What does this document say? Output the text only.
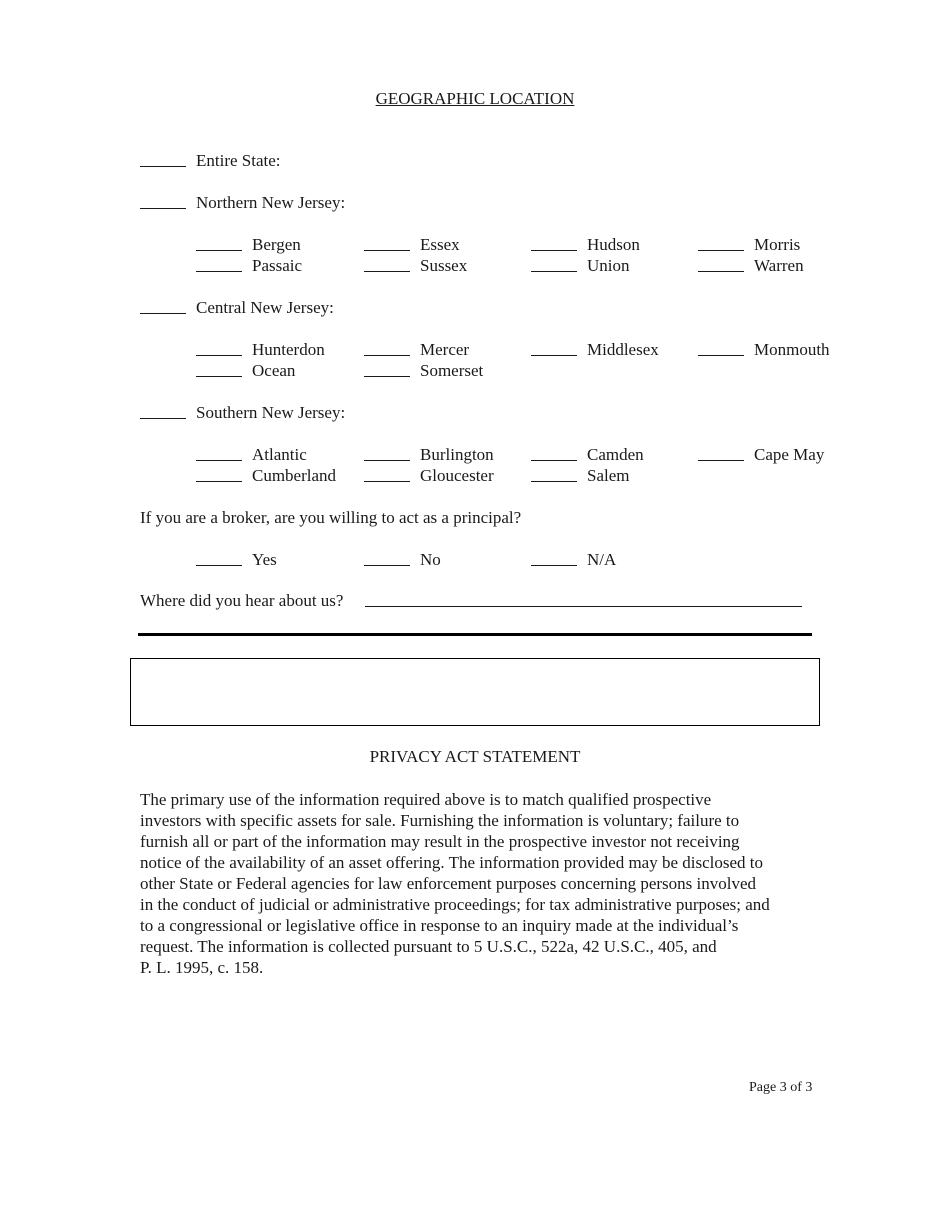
GEOGRAPHIC LOCATION
Entire State:
Northern New Jersey:
Bergen	Essex	Hudson	Morris
Passaic	Sussex	Union	Warren
Central New Jersey:
Hunterdon	Mercer	Middlesex	Monmouth
Ocean	Somerset
Southern New Jersey:
Atlantic	Burlington	Camden	Cape May
Cumberland	Gloucester	Salem
If you are a broker, are you willing to act as a principal?
Yes	No	N/A
Where did you hear about us?
PRIVACY ACT STATEMENT
The primary use of the information required above is to match qualified prospective
investors with specific assets for sale. Furnishing the information is voluntary; failure to
furnish all or part of the information may result in the prospective investor not receiving
notice of the availability of an asset offering. The information provided may be disclosed to
other State or Federal agencies for law enforcement purposes concerning persons involved
in the conduct of judicial or administrative proceedings; for tax administrative purposes; and
to a congressional or legislative office in response to an inquiry made at the individual’s
request. The information is collected pursuant to 5 U.S.C., 522a, 42 U.S.C., 405, and
P. L. 1995, c. 158.
Page 3 of 3
